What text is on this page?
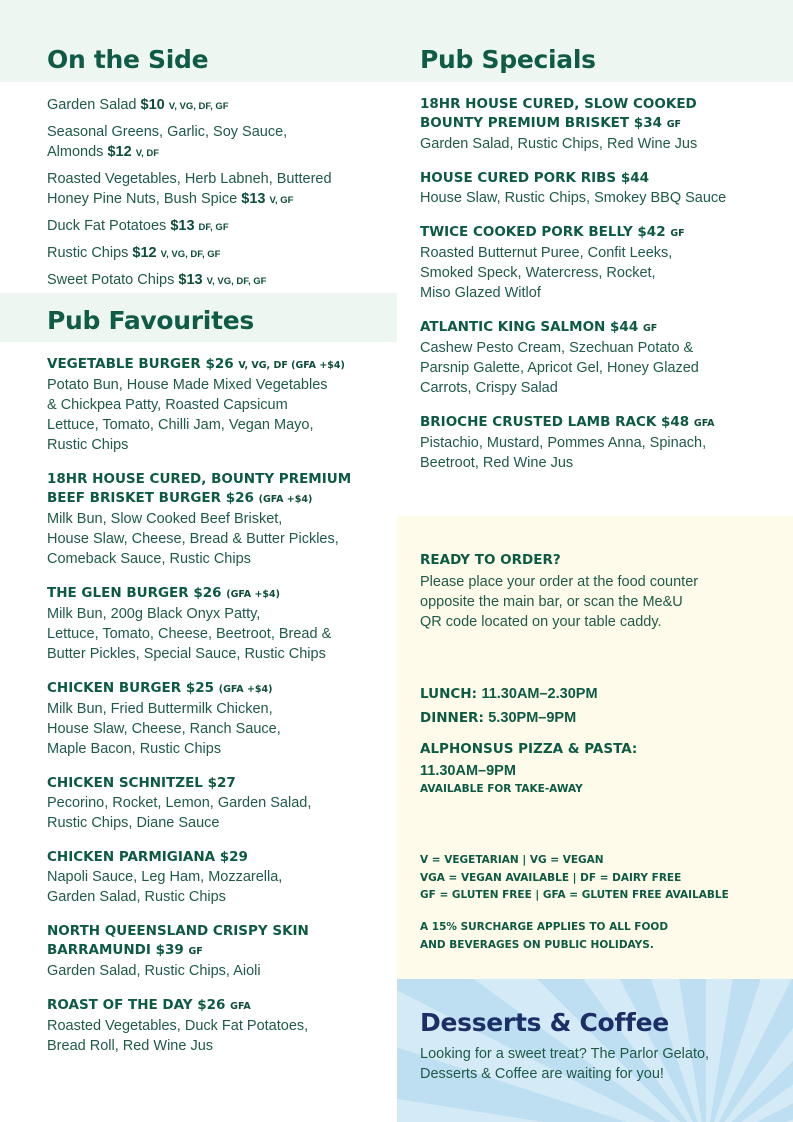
On the Side
Garden Salad $10 V, VG, DF, GF
Seasonal Greens, Garlic, Soy Sauce,
Almonds $12 V, DF
Roasted Vegetables, Herb Labneh, Buttered
Honey Pine Nuts, Bush Spice $13 V, GF
Duck Fat Potatoes $13 DF, GF
Rustic Chips $12 V, VG, DF, GF
Sweet Potato Chips $13 V, VG, DF, GF
Pub Favourites
VEGETABLE BURGER $26 V, VG, DF (GFA +$4)
Potato Bun, House Made Mixed Vegetables
& Chickpea Patty, Roasted Capsicum
Lettuce, Tomato, Chilli Jam, Vegan Mayo,
Rustic Chips
18HR HOUSE CURED, BOUNTY PREMIUM
BEEF BRISKET BURGER $26 (GFA +$4)
Milk Bun, Slow Cooked Beef Brisket,
House Slaw, Cheese, Bread & Butter Pickles,
Comeback Sauce, Rustic Chips
THE GLEN BURGER $26 (GFA +$4)
Milk Bun, 200g Black Onyx Patty,
Lettuce, Tomato, Cheese, Beetroot, Bread &
Butter Pickles, Special Sauce, Rustic Chips
CHICKEN BURGER $25 (GFA +$4)
Milk Bun, Fried Buttermilk Chicken,
House Slaw, Cheese, Ranch Sauce,
Maple Bacon, Rustic Chips
CHICKEN SCHNITZEL $27
Pecorino, Rocket, Lemon, Garden Salad,
Rustic Chips, Diane Sauce
CHICKEN PARMIGIANA $29
Napoli Sauce, Leg Ham, Mozzarella,
Garden Salad, Rustic Chips
NORTH QUEENSLAND CRISPY SKIN
BARRAMUNDI $39 GF
Garden Salad, Rustic Chips, Aioli
ROAST OF THE DAY $26 GFA
Roasted Vegetables, Duck Fat Potatoes,
Bread Roll, Red Wine Jus
Pub Specials
18HR HOUSE CURED, SLOW COOKED
BOUNTY PREMIUM BRISKET $34 GF
Garden Salad, Rustic Chips, Red Wine Jus
HOUSE CURED PORK RIBS $44
House Slaw, Rustic Chips, Smokey BBQ Sauce
TWICE COOKED PORK BELLY $42 GF
Roasted Butternut Puree, Confit Leeks,
Smoked Speck, Watercress, Rocket,
Miso Glazed Witlof
ATLANTIC KING SALMON $44 GF
Cashew Pesto Cream, Szechuan Potato &
Parsnip Galette, Apricot Gel, Honey Glazed
Carrots, Crispy Salad
BRIOCHE CRUSTED LAMB RACK $48 GFA
Pistachio, Mustard, Pommes Anna, Spinach,
Beetroot, Red Wine Jus
READY TO ORDER?
Please place your order at the food counter
opposite the main bar, or scan the Me&U
QR code located on your table caddy.
LUNCH: 11.30AM–2.30PM
DINNER: 5.30PM–9PM
ALPHONSUS PIZZA & PASTA:
11.30AM–9PM
AVAILABLE FOR TAKE-AWAY
V = VEGETARIAN | VG = VEGAN
VGA = VEGAN AVAILABLE | DF = DAIRY FREE
GF = GLUTEN FREE | GFA = GLUTEN FREE AVAILABLE
A 15% SURCHARGE APPLIES TO ALL FOOD
AND BEVERAGES ON PUBLIC HOLIDAYS.
Desserts & Coffee
Looking for a sweet treat? The Parlor Gelato,
Desserts & Coffee are waiting for you!
